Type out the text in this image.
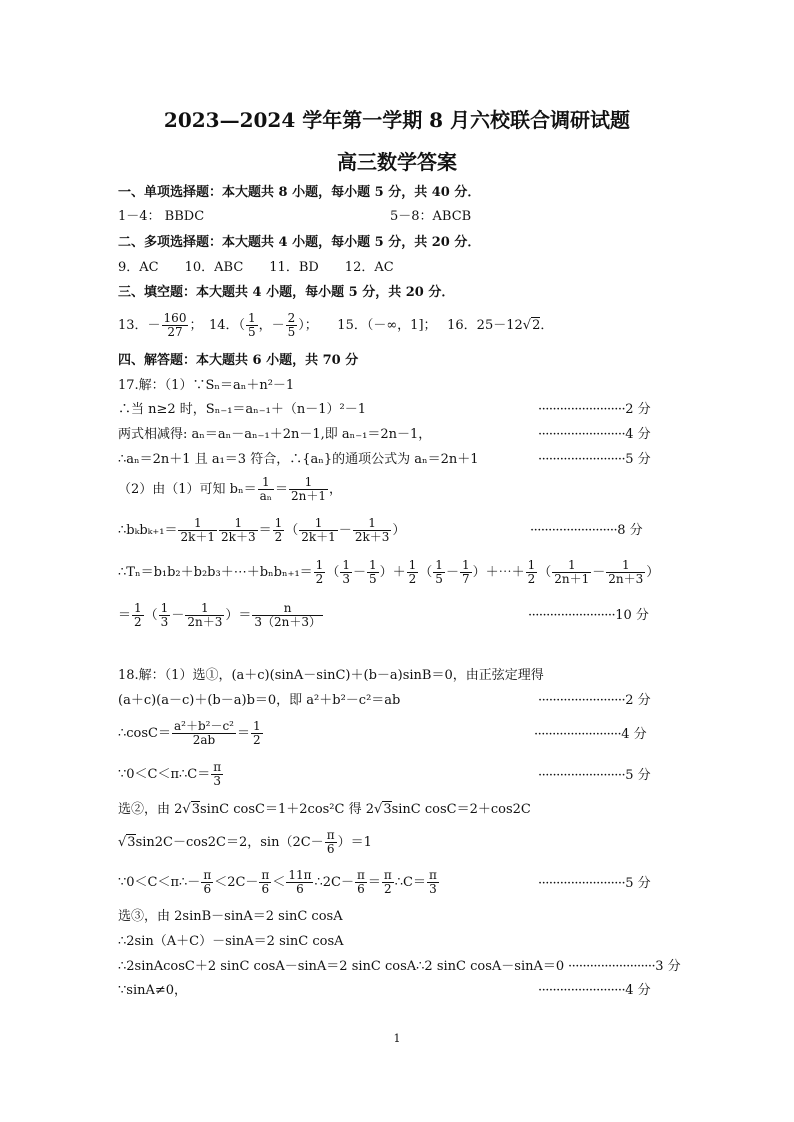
2023—2024 学年第一学期 8 月六校联合调研试题
高三数学答案
一、单项选择题：本大题共 8 小题，每小题 5 分，共 40 分．
1－4： BBDC	5－8：ABCB
二、多项选择题：本大题共 4 小题，每小题 5 分，共 20 分．
9．AC　　10．ABC　　11．BD　　12．AC
三、填空题：本大题共 4 小题，每小题 5 分，共 20 分．
13．－ $\frac{160}{27}$ ；　14．（ $\frac{1}{5}$ ，－ $\frac{2}{5}$ ）；　　15．（－∞，1]；　 16．25－12√2．
四、解答题：本大题共 6 小题，共 70 分
17.解：（1）∵Sₙ＝aₙ＋n²－1
∴当 n≥2 时，Sₙ₋₁＝aₙ₋₁＋（n－1）²－1	························2 分
两式相减得: aₙ＝aₙ－aₙ₋₁＋2n－1,即 aₙ₋₁＝2n－1，	························4 分
∴aₙ＝2n＋1 且 a₁＝3 符合，∴{aₙ}的通项公式为 aₙ＝2n＋1	························5 分
（2）由（1）可知 $b_n= \frac{1}{\text{aₙ}} = \frac{1}{2n+1}$ ，
∴bₖbₖ₊₁＝ $\frac{1}{2k+1} \frac{1}{2k+3} = \frac{1}{2}$ （ $\frac{1}{2k+1} - \frac{1}{2k+3}$ ）	························8 分
∴Tₙ＝b₁b₂＋b₂b₃＋⋯＋bₙbₙ₊₁＝ $\frac{1}{2}$ （ $\frac{1}{3} - \frac{1}{5}$ ）＋ $\frac{1}{2}$ （ $\frac{1}{5} - \frac{1}{7}$ ）＋⋯＋ $\frac{1}{2}$ （ $\frac{1}{2n+1} - \frac{1}{2n+3}$ ）
＝ $\frac{1}{2}$ （ $\frac{1}{3} - \frac{1}{2n+3}$ ）＝ $\frac{n}{3(2n+3)}$	························10 分
18.解：（1）选①，(a＋c)(sinA－sinC)＋(b－a)sinB＝0，由正弦定理得
(a＋c)(a－c)＋(b－a)b＝0，即 a²＋b²－c²＝ab	························2 分
∴cosC＝ $\frac{\text{a²＋b²－c²}}{2ab} = \frac{1}{2}$	························4 分
∵0＜C＜π∴C＝ $\frac{\pi}{3}$	························5 分
选②，由 2√3sinC cosC＝1＋2cos²C 得 2√3sinC cosC＝2＋cos2C
√3sin2C－cos2C＝2，$\sin(2C- \frac{\pi}{6} )=1$
∵0＜C＜π∴－ $\frac{\pi}{6} <2C- \frac{\pi}{6} < \frac{11\pi}{6}$ ∴2C－ $\frac{\pi}{6} = \frac{\pi}{2}$ ∴C＝ $\frac{\pi}{3}$	························5 分
选③，由 2sinB－sinA＝2 sinC cosA
∴2sin（A＋C）－sinA＝2 sinC cosA
∴2sinAcosC＋2 sinC cosA－sinA＝2 sinC cosA∴2 sinC cosA－sinA＝0 ························3 分
∵sinA≠0，	························4 分
1
